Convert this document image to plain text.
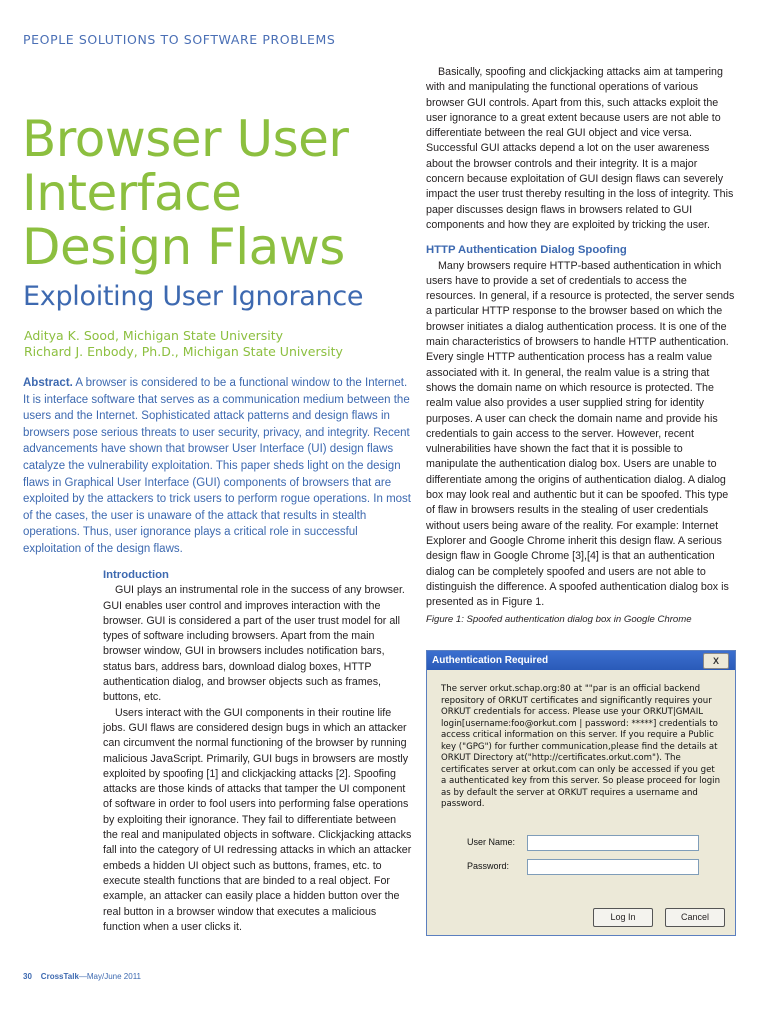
PEOPLE SOLUTIONS TO SOFTWARE PROBLEMS
Browser User Interface Design Flaws
Exploiting User Ignorance
Aditya K. Sood, Michigan State University
Richard J. Enbody, Ph.D., Michigan State University
Abstract. A browser is considered to be a functional window to the Internet. It is interface software that serves as a communication medium between the users and the Internet. Sophisticated attack patterns and design flaws in browsers pose serious threats to user security, privacy, and integrity. Recent advancements have shown that browser User Interface (UI) design flaws catalyze the vulnerability exploitation. This paper sheds light on the design flaws in Graphical User Interface (GUI) components of browsers that are exploited by the attackers to trick users to perform rogue operations. In most of the cases, the user is unaware of the attack that results in stealth operations. Thus, user ignorance plays a critical role in successful exploitation of the design flaws.
Introduction

GUI plays an instrumental role in the success of any browser. GUI enables user control and improves interaction with the browser. GUI is considered a part of the user trust model for all types of software including browsers. Apart from the main browser window, GUI in browsers includes notification bars, status bars, address bars, download dialog boxes, HTTP authentication dialog, and browser objects such as frames, buttons, etc.

Users interact with the GUI components in their routine life jobs. GUI flaws are considered design bugs in which an attacker can circumvent the normal functioning of the browser by running malicious JavaScript. Primarily, GUI bugs in browsers are mostly exploited by spoofing [1] and clickjacking attacks [2]. Spoofing attacks are those kinds of attacks that tamper the UI component of software in order to fool users into performing false operations by exploiting their ignorance. They fail to differentiate between the real and manipulated objects in software. Clickjacking attacks fall into the category of UI redressing attacks in which an attacker embeds a hidden UI object such as buttons, frames, etc. to execute stealth functions that are binded to a real object. For example, an attacker can easily place a hidden button over the real button in a browser window that executes a malicious function when a user clicks it.

Basically, spoofing and clickjacking attacks aim at tampering with and manipulating the functional operations of various browser GUI controls. Apart from this, such attacks exploit the user ignorance to a great extent because users are not able to differentiate between the real GUI object and vice versa. Successful GUI attacks depend a lot on the user awareness about the browser controls and their integrity. It is a major concern because exploitation of GUI design flaws can severely impact the user trust thereby resulting in the loss of integrity. This paper discusses design flaws in browsers related to GUI components and how they are exploited by tricking the user.

HTTP Authentication Dialog Spoofing

Many browsers require HTTP-based authentication in which users have to provide a set of credentials to access the resources. In general, if a resource is protected, the server sends a particular HTTP response to the browser based on which the browser initiates a dialog authentication process. It is one of the main characteristics of browsers to handle HTTP authentication. Every single HTTP authentication process has a realm value associated with it. In general, the realm value is a string that shows the domain name on which resource is protected. The realm value also provides a user supplied string for identity purposes. A user can check the domain name and provide his credentials to gain access to the server. However, recent vulnerabilities have shown the fact that it is possible to manipulate the authentication dialog box. Users are unable to differentiate among the origins of authentication dialog. A dialog box may look real and authentic but it can be spoofed. This type of flaw in browsers results in the stealing of user credentials without users being aware of the reality. For example: Internet Explorer and Google Chrome inherit this design flaw. A serious design flaw in Google Chrome [3],[4] is that an authentication dialog can be completely spoofed and users are not able to distinguish the difference. A spoofed authentication dialog box is presented as in Figure 1.

Figure 1: Spoofed authentication dialog box in Google Chrome
Authentication Required	X
The server orkut.schap.org:80 at ""par is an official backend repository of ORKUT certificates and significantly requires your ORKUT credentials for access. Please use your ORKUT|GMAIL login[username:foo@orkut.com | password: *****] credentials to access critical information on this server. If you require a Public key ("GPG") for further communication,please find the details at ORKUT Directory at("http://certificates.orkut.com"). The certificates server at orkut.com can only be accessed if you get a authenticated key from this server. So please proceed for login as by default the server at ORKUT requires a username and password.
User Name:
Password:
Log In	Cancel
30 CrossTalk—May/June 2011
